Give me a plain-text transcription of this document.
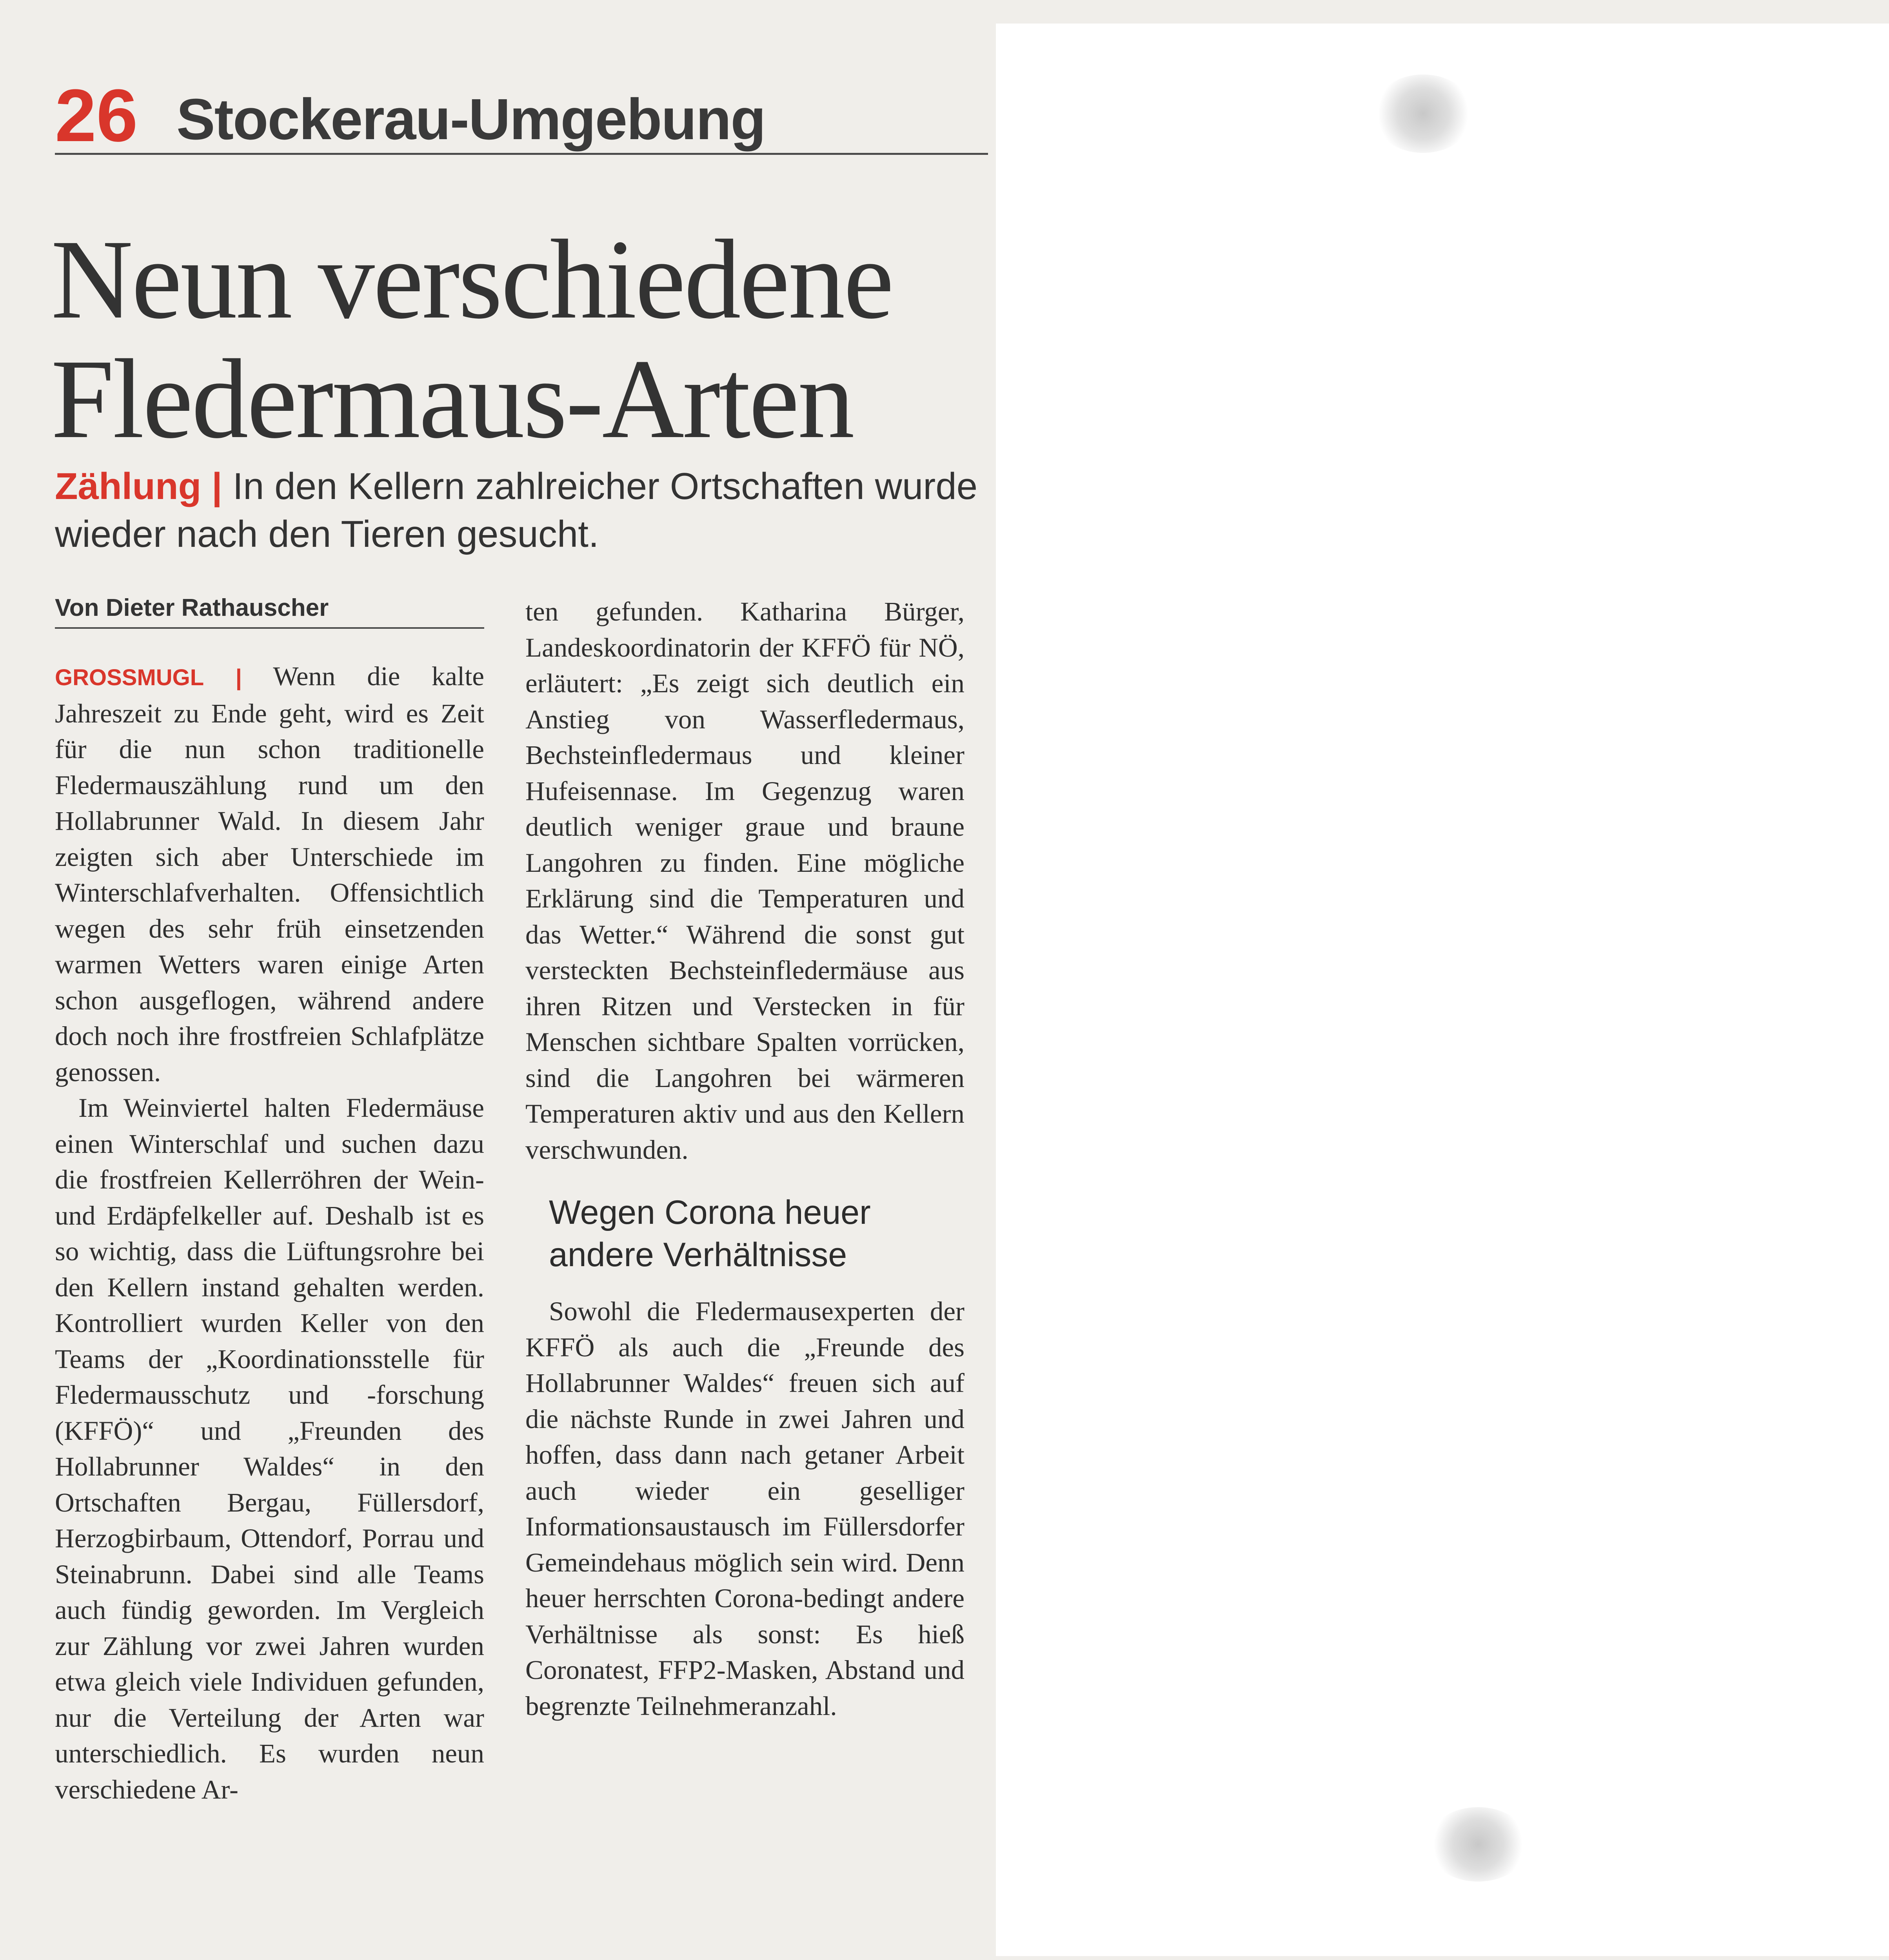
26 Stockerau-Umgebung
Neun verschiedene
Fledermaus-Arten
Zählung | In den Kellern zahlreicher Ortschaften wurde wieder nach den Tieren gesucht.
Von Dieter Rathauscher

GROSSMUGL | Wenn die kalte Jahreszeit zu Ende geht, wird es Zeit für die nun schon traditionelle Fledermauszählung rund um den Hollabrunner Wald. In diesem Jahr zeigten sich aber Unterschiede im Winterschlafverhalten. Offensichtlich wegen des sehr früh einsetzenden warmen Wetters waren einige Arten schon ausgeflogen, während andere doch noch ihre frostfreien Schlafplätze genossen.

Im Weinviertel halten Fledermäuse einen Winterschlaf und suchen dazu die frostfreien Kellerröhren der Wein- und Erdäpfelkeller auf. Deshalb ist es so wichtig, dass die Lüftungsrohre bei den Kellern instand gehalten werden. Kontrolliert wurden Keller von den Teams der „Koordinationsstelle für Fledermausschutz und -forschung (KFFÖ)“ und „Freunden des Hollabrunner Waldes“ in den Ortschaften Bergau, Füllersdorf, Herzogbirbaum, Ottendorf, Porrau und Steinabrunn. Dabei sind alle Teams auch fündig geworden. Im Vergleich zur Zählung vor zwei Jahren wurden etwa gleich viele Individuen gefunden, nur die Verteilung der Arten war unterschiedlich. Es wurden neun verschiedene Ar-

ten gefunden. Katharina Bürger, Landeskoordinatorin der KFFÖ für NÖ, erläutert: „Es zeigt sich deutlich ein Anstieg von Wasserfledermaus, Bechsteinfledermaus und kleiner Hufeisennase. Im Gegenzug waren deutlich weniger graue und braune Langohren zu finden. Eine mögliche Erklärung sind die Temperaturen und das Wetter.“ Während die sonst gut versteckten Bechsteinfledermäuse aus ihren Ritzen und Verstecken in für Menschen sichtbare Spalten vorrücken, sind die Langohren bei wärmeren Temperaturen aktiv und aus den Kellern verschwunden.

Wegen Corona heuer andere Verhältnisse

Sowohl die Fledermausexperten der KFFÖ als auch die „Freunde des Hollabrunner Waldes“ freuen sich auf die nächste Runde in zwei Jahren und hoffen, dass dann nach getaner Arbeit auch wieder ein geselliger Informationsaustausch im Füllersdorfer Gemeindehaus möglich sein wird. Denn heuer herrschten Corona-bedingt andere Verhältnisse als sonst: Es hieß Coronatest, FFP2-Masken, Abstand und begrenzte Teilnehmeranzahl.
